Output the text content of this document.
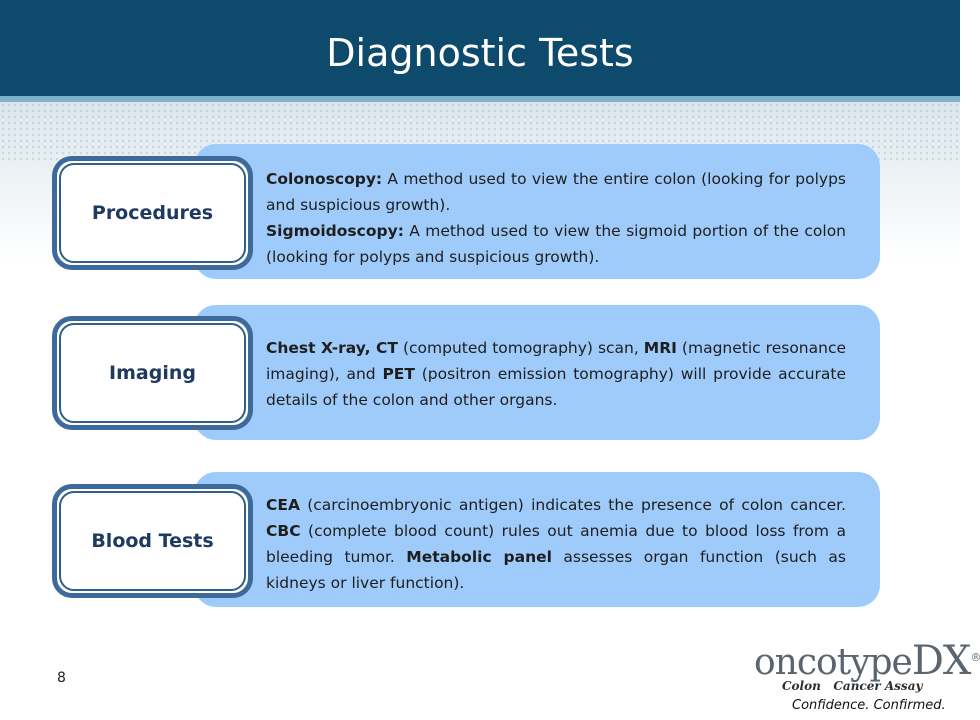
Diagnostic Tests

Colonoscopy: A method used to view the entire colon (looking for polyps and suspicious growth).

Sigmoidoscopy: A method used to view the sigmoid portion of the colon (looking for polyps and suspicious growth).

Procedures

Chest X-ray, CT (computed tomography) scan, MRI (magnetic resonance imaging), and PET (positron emission tomography) will provide accurate details of the colon and other organs.

Imaging

CEA (carcinoembryonic antigen) indicates the presence of colon cancer. CBC (complete blood count) rules out anemia due to blood loss from a bleeding tumor. Metabolic panel assesses organ function (such as kidneys or liver function).

Blood Tests
8	oncotypeDX®
Colon   Cancer Assay
Confidence. Confirmed.
